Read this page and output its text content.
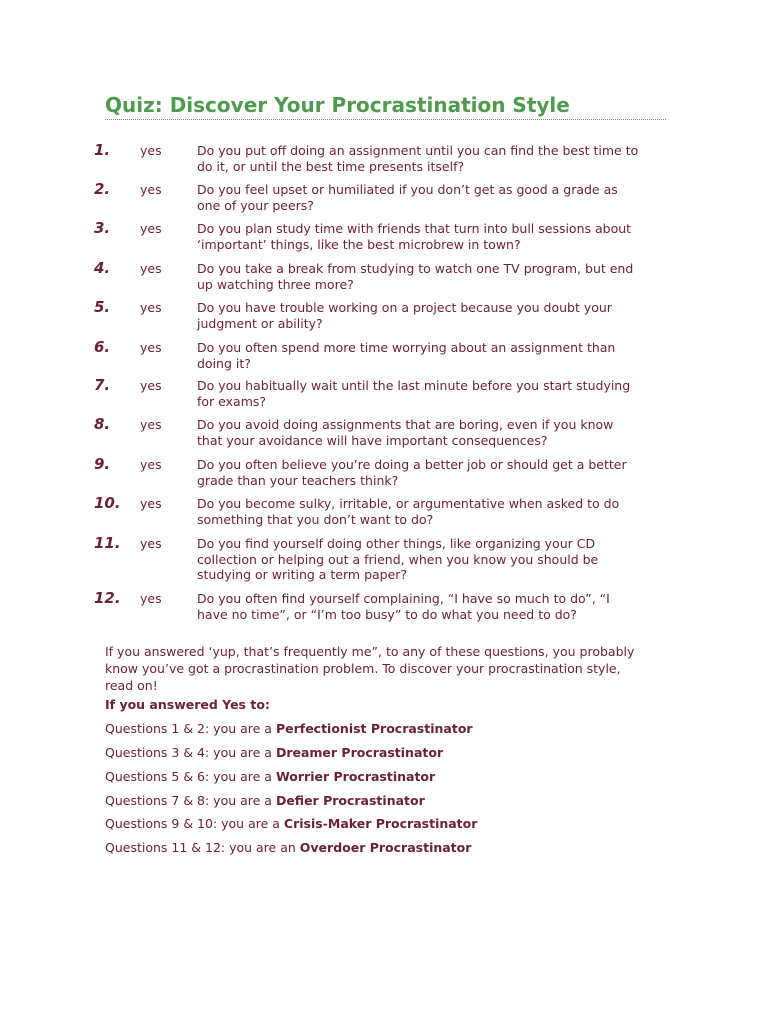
Quiz: Discover Your Procrastination Style
1. yes	Do you put off doing an assignment until you can find the best time to do it, or until the best time presents itself?
2. yes	Do you feel upset or humiliated if you don’t get as good a grade as one of your peers?
3. yes	Do you plan study time with friends that turn into bull sessions about ‘important’ things, like the best microbrew in town?
4. yes	Do you take a break from studying to watch one TV program, but end up watching three more?
5. yes	Do you have trouble working on a project because you doubt your judgment or ability?
6. yes	Do you often spend more time worrying about an assignment than doing it?
7. yes	Do you habitually wait until the last minute before you start studying for exams?
8. yes	Do you avoid doing assignments that are boring, even if you know that your avoidance will have important consequences?
9. yes	Do you often believe you’re doing a better job or should get a better grade than your teachers think?
10. yes	Do you become sulky, irritable, or argumentative when asked to do something that you don’t want to do?
11. yes	Do you find yourself doing other things, like organizing your CD collection or helping out a friend, when you know you should be studying or writing a term paper?
12. yes	Do you often find yourself complaining, “I have so much to do”, “I have no time”, or “I’m too busy” to do what you need to do?

If you answered ‘yup, that’s frequently me”, to any of these questions, you probably know you’ve got a procrastination problem. To discover your procrastination style, read on!

If you answered Yes to:

Questions 1 & 2: you are a Perfectionist Procrastinator
Questions 3 & 4: you are a Dreamer Procrastinator
Questions 5 & 6: you are a Worrier Procrastinator
Questions 7 & 8: you are a Defier Procrastinator
Questions 9 & 10: you are a Crisis-Maker Procrastinator
Questions 11 & 12: you are an Overdoer Procrastinator
